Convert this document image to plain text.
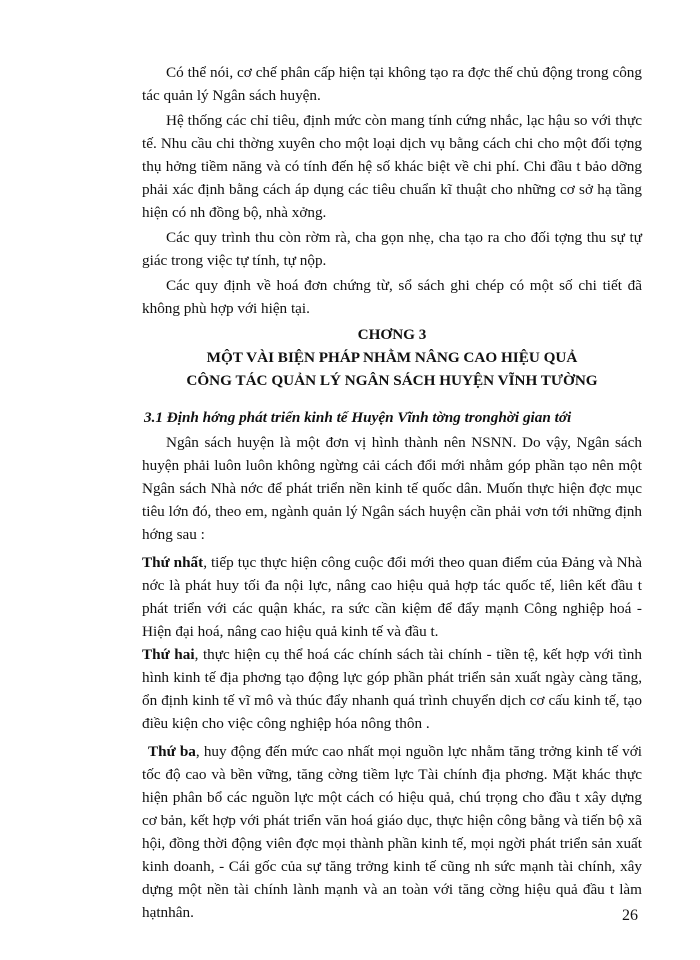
Có thể nói, cơ chế phân cấp hiện tại không tạo ra đợc thế chủ động trong công tác quản lý Ngân sách huyện.

Hệ thống các chỉ tiêu, định mức còn mang tính cứng nhắc, lạc hậu so với thực tế. Nhu cầu chi thờng xuyên cho một loại dịch vụ bằng cách chi cho một đối tợng thụ hởng tiềm năng và có tính đến hệ số khác biệt về chi phí. Chi đầu t bảo dỡng phải xác định bằng cách áp dụng các tiêu chuẩn kĩ thuật cho những cơ sở hạ tầng hiện có nh đồng bộ, nhà xởng.

Các quy trình thu còn rờm rà, cha gọn nhẹ, cha tạo ra cho đối tợng thu sự tự giác trong việc tự tính, tự nộp.

Các quy định về hoá đơn chứng từ, sổ sách ghi chép có một số chi tiết đã không phù hợp với hiện tại.

CHƠNG 3

MỘT VÀI BIỆN PHÁP NHẰM NÂNG CAO HIỆU QUẢ

CÔNG TÁC QUẢN LÝ NGÂN SÁCH HUYỆN VĨNH TƯỜNG

3.1 Định hớng phát triển kinh tế Huyện Vĩnh tờng tronghời gian tới

Ngân sách huyện là một đơn vị hình thành nên NSNN. Do vậy, Ngân sách huyện phải luôn luôn không ngừng cải cách đổi mới nhằm góp phần tạo nên một Ngân sách Nhà nớc để phát triển nền kinh tế quốc dân. Muốn thực hiện đợc mục tiêu lớn đó, theo em, ngành quản lý Ngân sách huyện cần phải vơn tới những định hớng sau :

Thứ nhất, tiếp tục thực hiện công cuộc đổi mới theo quan điểm của Đảng và Nhà nớc là phát huy tối đa nội lực, nâng cao hiệu quả hợp tác quốc tế, liên kết đầu t phát triển với các quận khác, ra sức cần kiệm để đẩy mạnh Công nghiệp hoá - Hiện đại hoá, nâng cao hiệu quả kinh tế và đầu t.

Thứ hai, thực hiện cụ thể hoá các chính sách tài chính - tiền tệ, kết hợp với tình hình kinh tế địa phơng tạo động lực góp phần phát triển sản xuất ngày càng tăng, ổn định kinh tế vĩ mô và thúc đẩy nhanh quá trình chuyển dịch cơ cấu kinh tế, tạo điều kiện cho việc công nghiệp hóa nông thôn .

Thứ ba, huy động đến mức cao nhất mọi nguồn lực nhằm tăng trởng kinh tế với tốc độ cao và bền vững, tăng cờng tiềm lực Tài chính địa phơng. Mặt khác thực hiện phân bổ các nguồn lực một cách có hiệu quả, chú trọng cho đầu t xây dựng cơ bản, kết hợp với phát triển văn hoá giáo dục, thực hiện công bằng và tiến bộ xã hội, đồng thời động viên đợc mọi thành phần kinh tế, mọi ngời phát triển sản xuất kinh doanh, - Cái gốc của sự tăng trởng kinh tế cũng nh sức mạnh tài chính, xây dựng một nền tài chính lành mạnh và an toàn với tăng cờng hiệu quả đầu t làm hạtnhân.	26
